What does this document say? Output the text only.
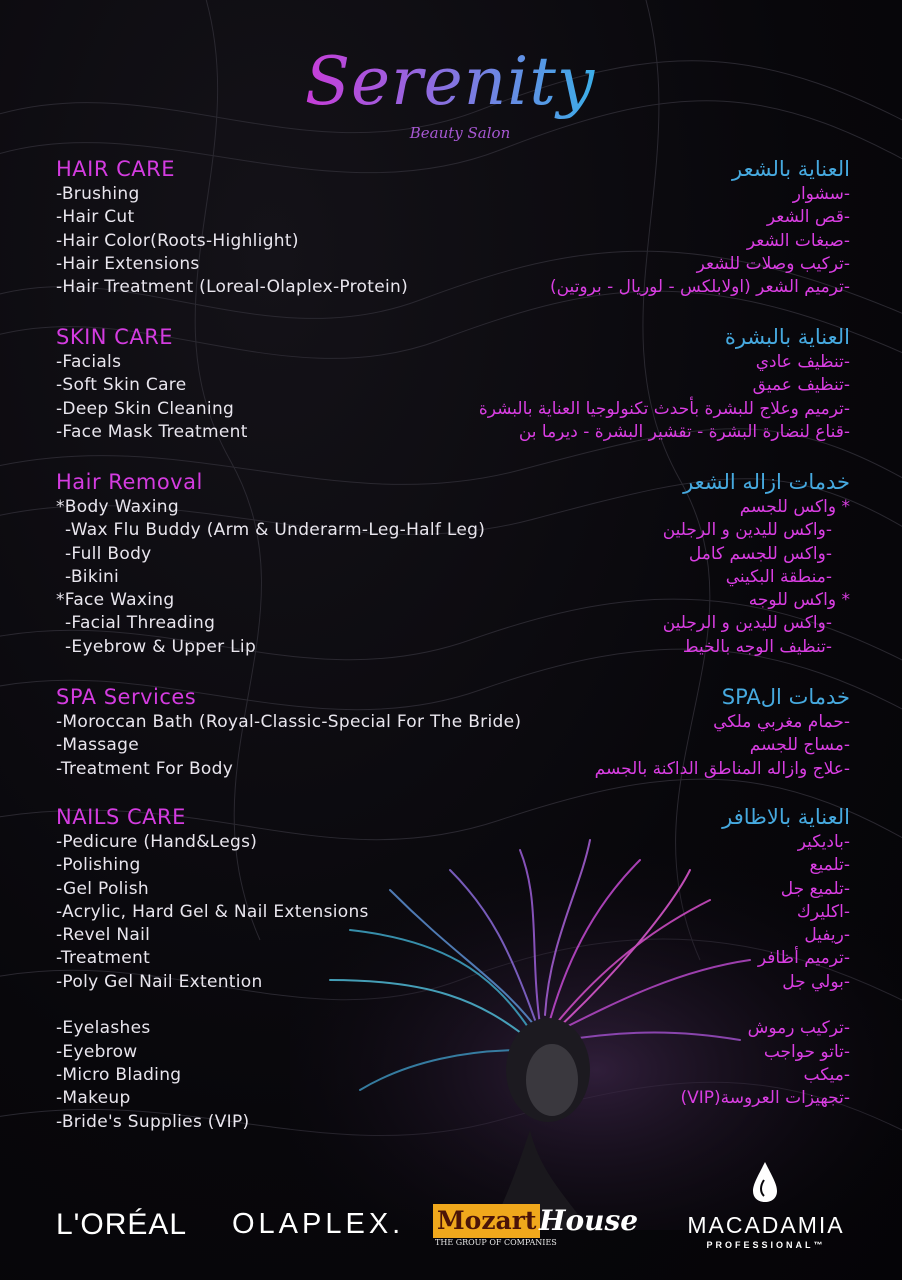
Serenity
Beauty Salon
HAIR CARE
-Brushing
-Hair Cut
-Hair Color(Roots-Highlight)
-Hair Extensions
-Hair Treatment (Loreal-Olaplex-Protein)
SKIN CARE
-Facials
-Soft Skin Care
-Deep Skin Cleaning
-Face Mask Treatment
Hair Removal
*Body Waxing
-Wax Flu Buddy (Arm & Underarm-Leg-Half Leg)
-Full Body
-Bikini
*Face Waxing
-Facial Threading
-Eyebrow & Upper Lip
SPA Services
-Moroccan Bath (Royal-Classic-Special For The Bride)
-Massage
-Treatment For Body
NAILS CARE
-Pedicure (Hand&Legs)
-Polishing
-Gel Polish
-Acrylic, Hard Gel & Nail Extensions
-Revel Nail
-Treatment
-Poly Gel Nail Extention
-Eyelashes
-Eyebrow
-Micro Blading
-Makeup
-Bride's Supplies (VIP)
العناية بالشعر
-سشوار
-قص الشعر
-صبغات الشعر
-تركيب وصلات للشعر
-ترميم الشعر (اولابلكس - لوريال - بروتين)
العناية بالبشرة
-تنظيف عادي
-تنظيف عميق
-ترميم وعلاج للبشرة بأحدث تكنولوجيا العناية بالبشرة
-قناع لنضارة البشرة - تقشير البشرة - ديرما بن
خدمات ازاله الشعر
* واكس للجسم
-واكس لليدين و الرجلين
-واكس للجسم كامل
-منطقة البكيني
* واكس للوجه
-واكس لليدين و الرجلين
-تنظيف الوجه بالخيط
خدمات الSPA
-حمام مغربي ملكي
-مساج للجسم
-علاج وازاله المناطق الداكنة بالجسم
العناية بالاظافر
-باديكير
-تلميع
-تلميع جل
-اكليرك
-ريفيل
-ترميم أظافر
-بولي جل
-تركيب رموش
-تاتو حواجب
-ميكب
-تجهيزات العروسة(VIP)
L'ORÉAL OLAPLEX. Mozart House
THE GROUP OF COMPANIES
MACADAMIA
PROFESSIONAL™
